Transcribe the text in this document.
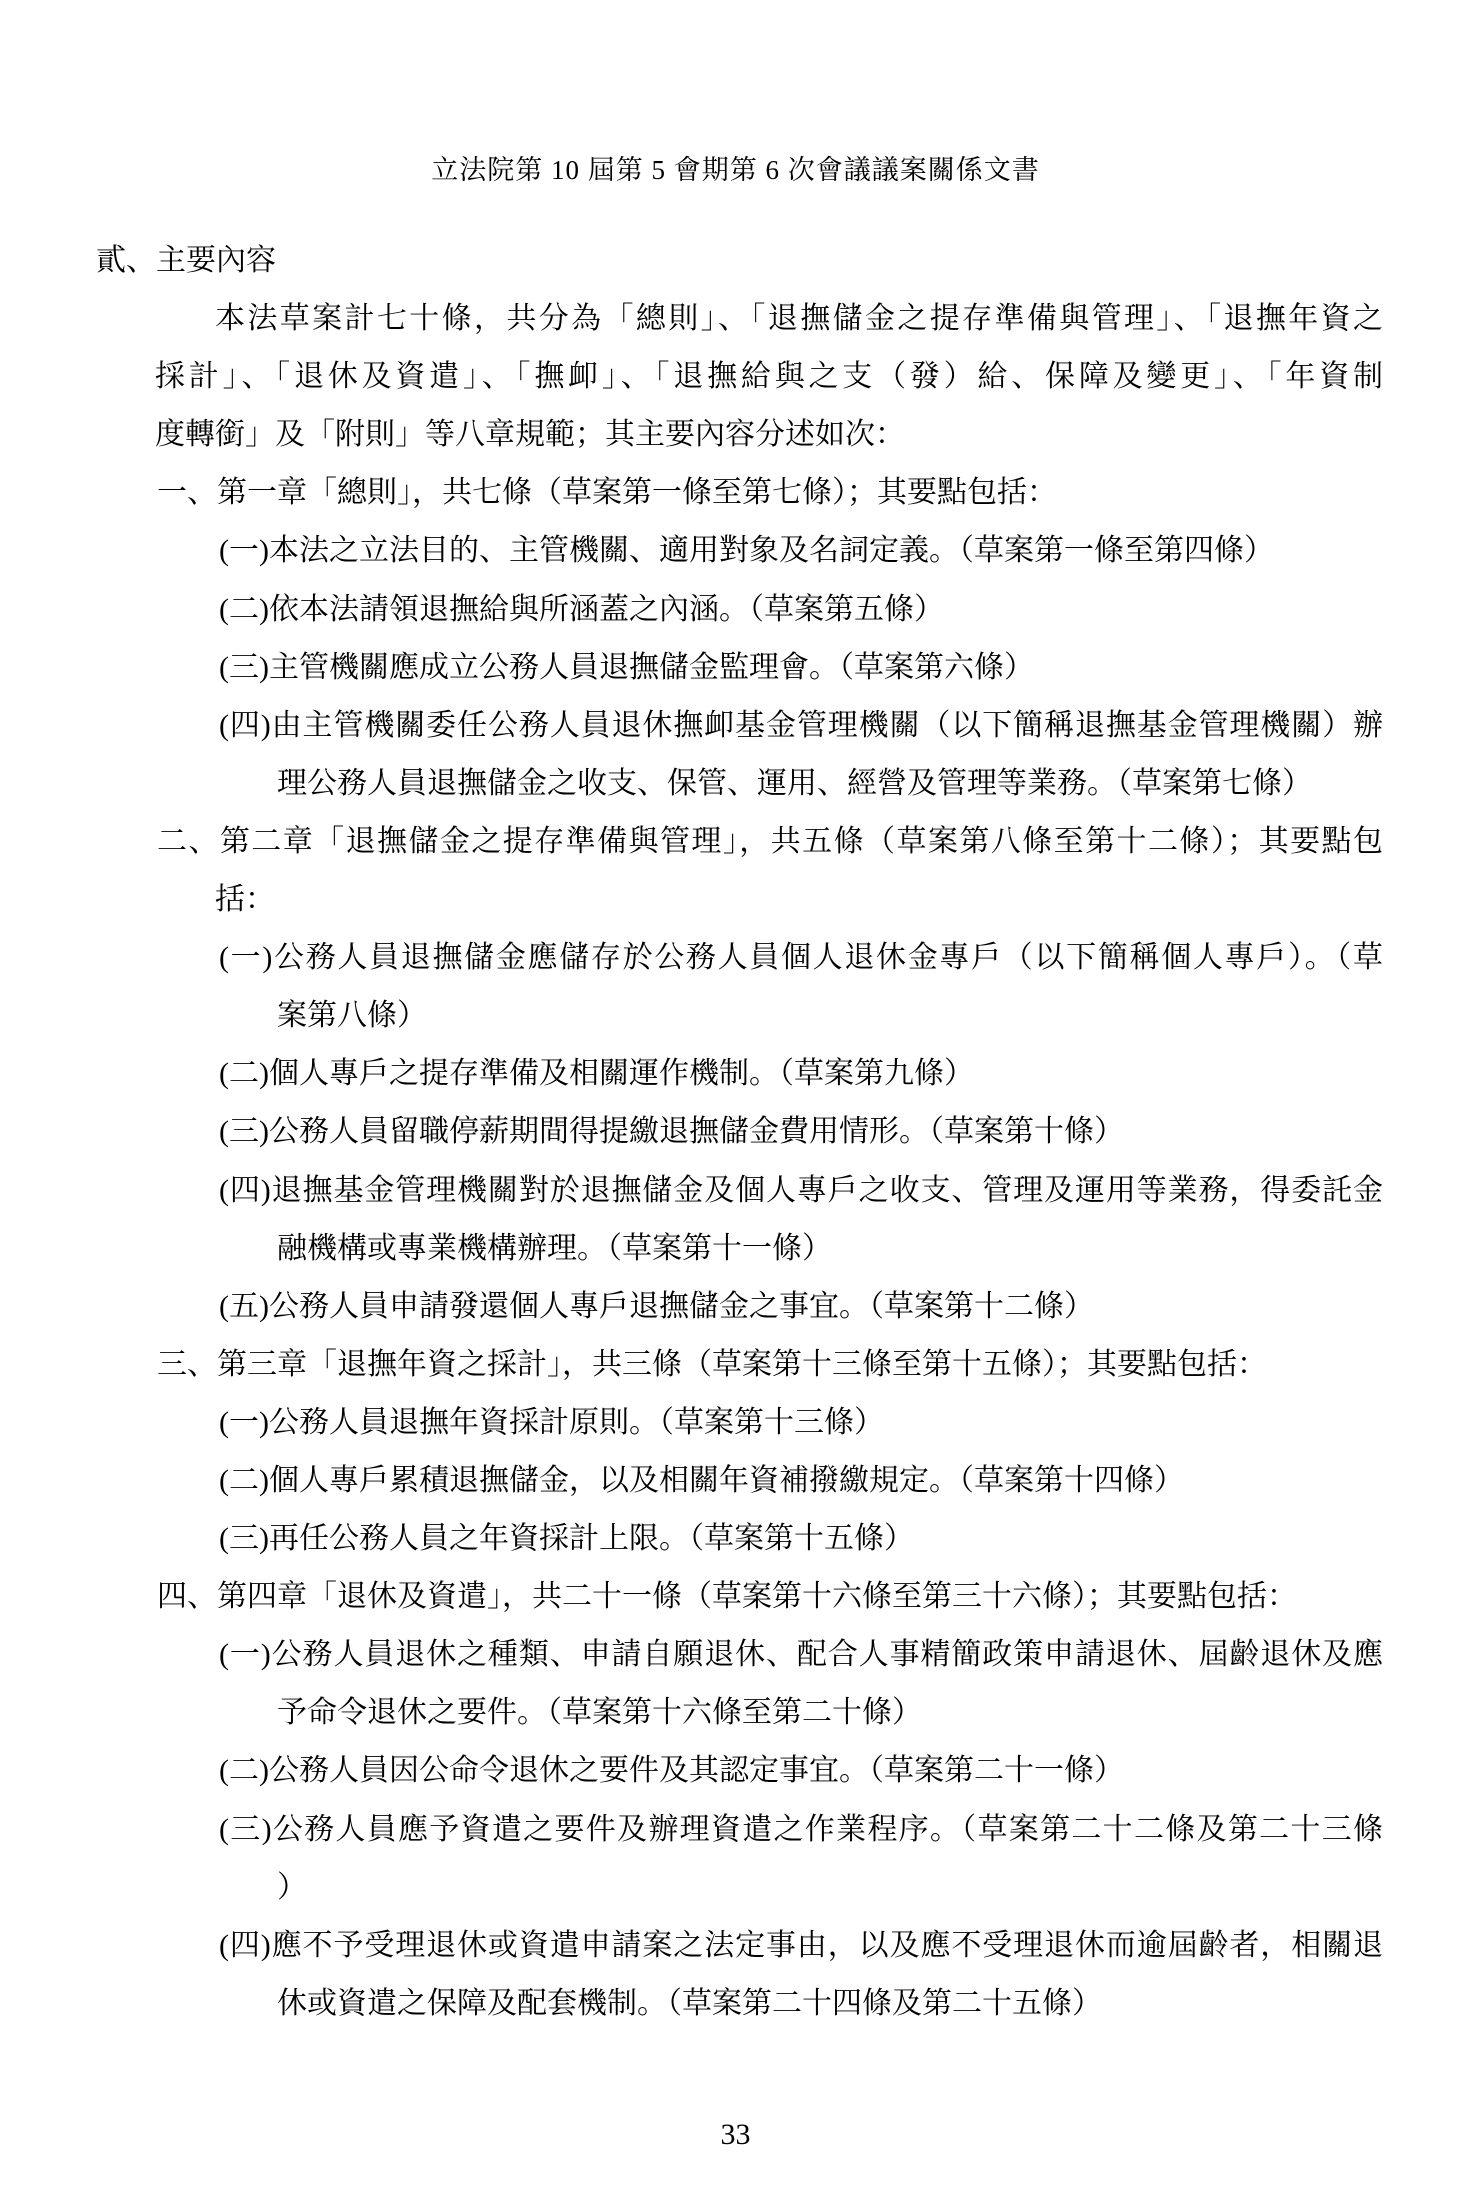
立法院第 10 屆第 5 會期第 6 次會議議案關係文書
貳、主要內容
本法草案計七十條，共分為「總則」、「退撫儲金之提存準備與管理」、「退撫年資之
採計」、「退休及資遣」、「撫卹」、「退撫給與之支（發）給、保障及變更」、「年資制
度轉銜」及「附則」等八章規範；其主要內容分述如次：
一、第一章「總則」，共七條（草案第一條至第七條）；其要點包括：
(一)本法之立法目的、主管機關、適用對象及名詞定義。（草案第一條至第四條）
(二)依本法請領退撫給與所涵蓋之內涵。（草案第五條）
(三)主管機關應成立公務人員退撫儲金監理會。（草案第六條）
(四)由主管機關委任公務人員退休撫卹基金管理機關（以下簡稱退撫基金管理機關）辦
理公務人員退撫儲金之收支、保管、運用、經營及管理等業務。（草案第七條）
二、第二章「退撫儲金之提存準備與管理」，共五條（草案第八條至第十二條）；其要點包
括：
(一)公務人員退撫儲金應儲存於公務人員個人退休金專戶（以下簡稱個人專戶）。（草
案第八條）
(二)個人專戶之提存準備及相關運作機制。（草案第九條）
(三)公務人員留職停薪期間得提繳退撫儲金費用情形。（草案第十條）
(四)退撫基金管理機關對於退撫儲金及個人專戶之收支、管理及運用等業務，得委託金
融機構或專業機構辦理。（草案第十一條）
(五)公務人員申請發還個人專戶退撫儲金之事宜。（草案第十二條）
三、第三章「退撫年資之採計」，共三條（草案第十三條至第十五條）；其要點包括：
(一)公務人員退撫年資採計原則。（草案第十三條）
(二)個人專戶累積退撫儲金，以及相關年資補撥繳規定。（草案第十四條）
(三)再任公務人員之年資採計上限。（草案第十五條）
四、第四章「退休及資遣」，共二十一條（草案第十六條至第三十六條）；其要點包括：
(一)公務人員退休之種類、申請自願退休、配合人事精簡政策申請退休、屆齡退休及應
予命令退休之要件。（草案第十六條至第二十條）
(二)公務人員因公命令退休之要件及其認定事宜。（草案第二十一條）
(三)公務人員應予資遣之要件及辦理資遣之作業程序。（草案第二十二條及第二十三條
）
(四)應不予受理退休或資遣申請案之法定事由，以及應不受理退休而逾屆齡者，相關退
休或資遣之保障及配套機制。（草案第二十四條及第二十五條）
33
